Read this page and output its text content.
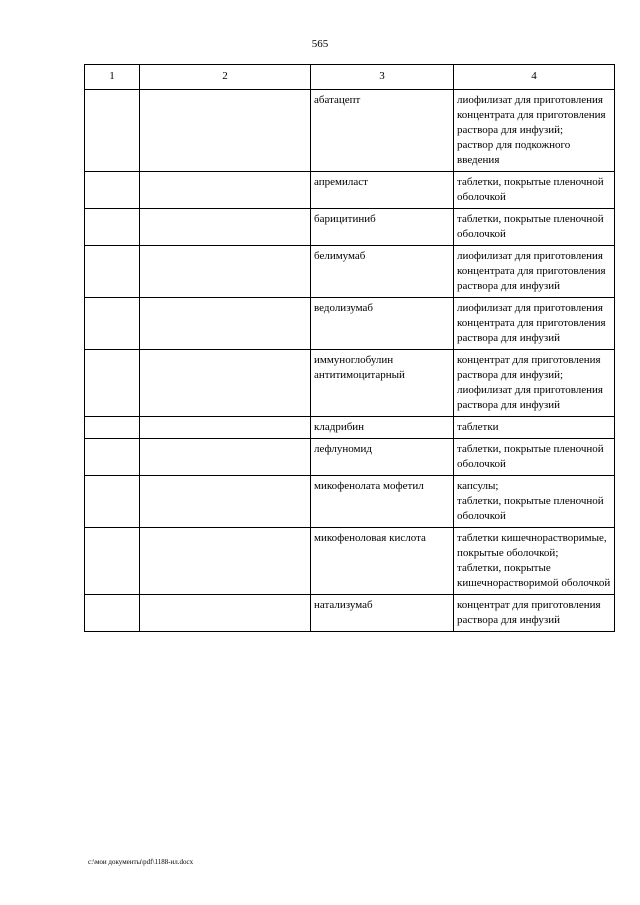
565
1	2	3	4
		абатацепт	лиофилизат для приготовления концентрата для приготовления раствора для инфузий;
раствор для подкожного введения

		апремиласт	таблетки, покрытые пленочной оболочкой

		барицитиниб	таблетки, покрытые пленочной оболочкой

		белимумаб	лиофилизат для приготовления концентрата для приготовления раствора для инфузий

		ведолизумаб	лиофилизат для приготовления концентрата для приготовления раствора для инфузий

		иммуноглобулин антитимоцитарный	концентрат для приготовления раствора для инфузий;
лиофилизат для приготовления раствора для инфузий

		кладрибин	таблетки

		лефлуномид	таблетки, покрытые пленочной оболочкой

		микофенолата мофетил	капсулы;
таблетки, покрытые пленочной оболочкой

		микофеноловая кислота	таблетки кишечнорастворимые, покрытые оболочкой;
таблетки, покрытые кишечнорастворимой оболочкой

		натализумаб	концентрат для приготовления раствора для инфузий
c:\мои документы\pdf\1188-ил.docx
